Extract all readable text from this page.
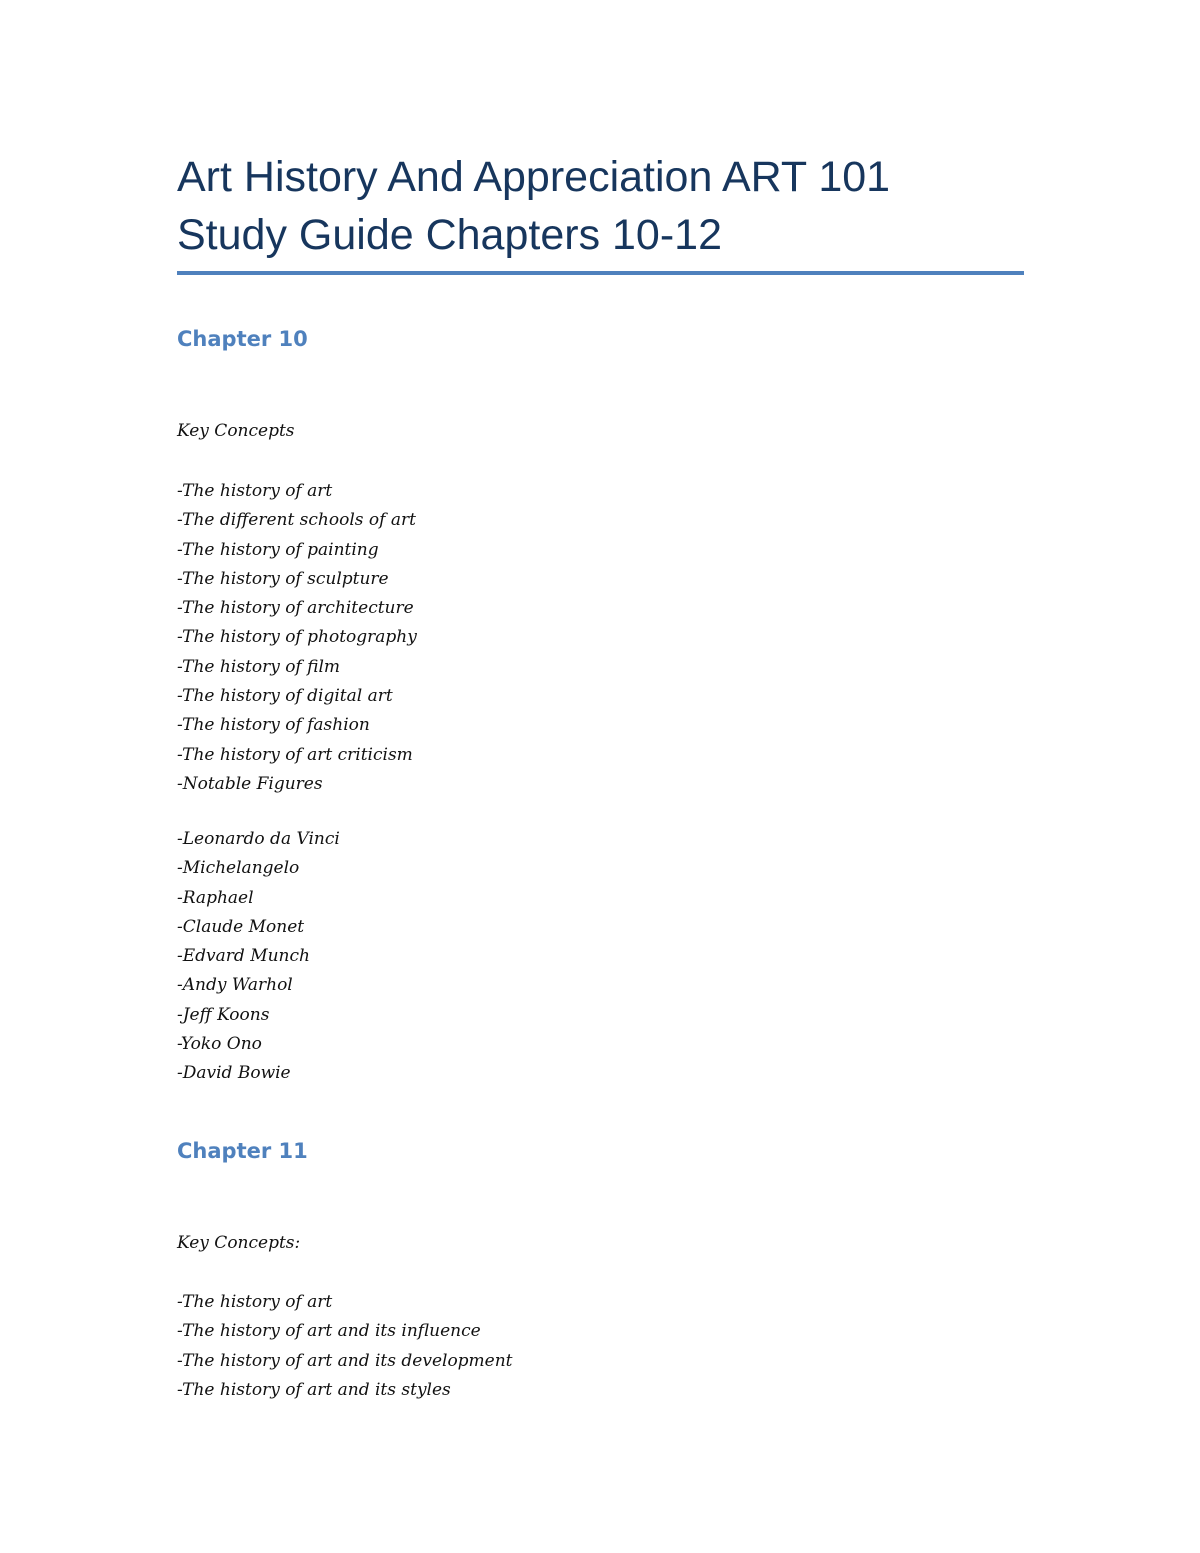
Art History And Appreciation ART 101
Study Guide Chapters 10-12
Chapter 10
Key Concepts
-The history of art
-The different schools of art
-The history of painting
-The history of sculpture
-The history of architecture
-The history of photography
-The history of film
-The history of digital art
-The history of fashion
-The history of art criticism
-Notable Figures
-Leonardo da Vinci
-Michelangelo
-Raphael
-Claude Monet
-Edvard Munch
-Andy Warhol
-Jeff Koons
-Yoko Ono
-David Bowie
Chapter 11
Key Concepts:
-The history of art
-The history of art and its influence
-The history of art and its development
-The history of art and its styles
